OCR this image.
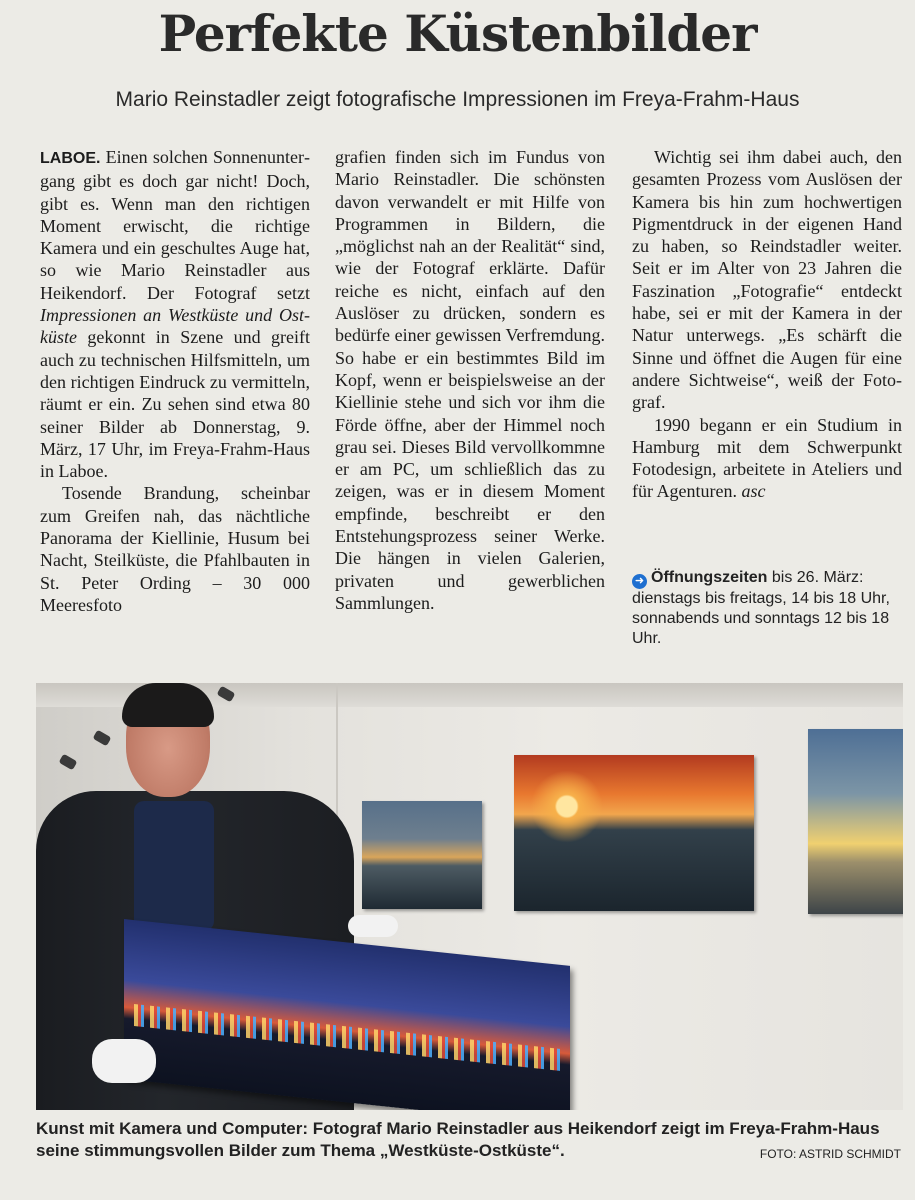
Perfekte Küstenbilder
Mario Reinstadler zeigt fotografische Impressionen im Freya-Frahm-Haus

LABOE. Einen solchen Sonnenuntergang gibt es doch gar nicht! Doch, gibt es. Wenn man den richtigen Moment erwischt, die richtige Kamera und ein geschultes Auge hat, so wie Mario Reinstadler aus Heikendorf. Der Fotograf setzt Impressionen an Westküste und Ostküste gekonnt in Szene und greift auch zu technischen Hilfsmitteln, um den richtigen Eindruck zu vermitteln, räumt er ein. Zu sehen sind etwa 80 seiner Bilder ab Donnerstag, 9. März, 17 Uhr, im Freya-Frahm-Haus in Laboe.

Tosende Brandung, scheinbar zum Greifen nah, das nächtliche Panorama der Kiellinie, Husum bei Nacht, Steilküste, die Pfahlbauten in St. Peter Ording – 30 000 Meeresfoto

grafien finden sich im Fundus von Mario Reinstadler. Die schönsten davon verwandelt er mit Hilfe von Programmen in Bildern, die „möglichst nah an der Realität“ sind, wie der Fotograf erklärte. Dafür reiche es nicht, einfach auf den Auslöser zu drücken, sondern es bedürfe einer gewissen Verfremdung. So habe er ein bestimmtes Bild im Kopf, wenn er beispielsweise an der Kiellinie stehe und sich vor ihm die Förde öffne, aber der Himmel noch grau sei. Dieses Bild vervollkommne er am PC, um schließlich das zu zeigen, was er in diesem Moment empfinde, beschreibt er den Entstehungsprozess seiner Werke. Die hängen in vielen Galerien, privaten und gewerblichen Sammlungen.

Wichtig sei ihm dabei auch, den gesamten Prozess vom Auslösen der Kamera bis hin zum hochwertigen Pigmentdruck in der eigenen Hand zu haben, so Reindstadler weiter. Seit er im Alter von 23 Jahren die Faszination „Fotografie“ entdeckt habe, sei er mit der Kamera in der Natur unterwegs. „Es schärft die Sinne und öffnet die Augen für eine andere Sichtweise“, weiß der Fotograf.

1990 begann er ein Studium in Hamburg mit dem Schwerpunkt Fotodesign, arbeitete in Ateliers und für Agenturen. asc

➜ Öffnungszeiten bis 26. März: dienstags bis freitags, 14 bis 18 Uhr, sonnabends und sonntags 12 bis 18 Uhr.
Kunst mit Kamera und Computer: Fotograf Mario Reinstadler aus Heikendorf zeigt im Freya-Frahm-Haus seine stimmungsvollen Bilder zum Thema „Westküste-Ostküste“.	FOTO: ASTRID SCHMIDT
